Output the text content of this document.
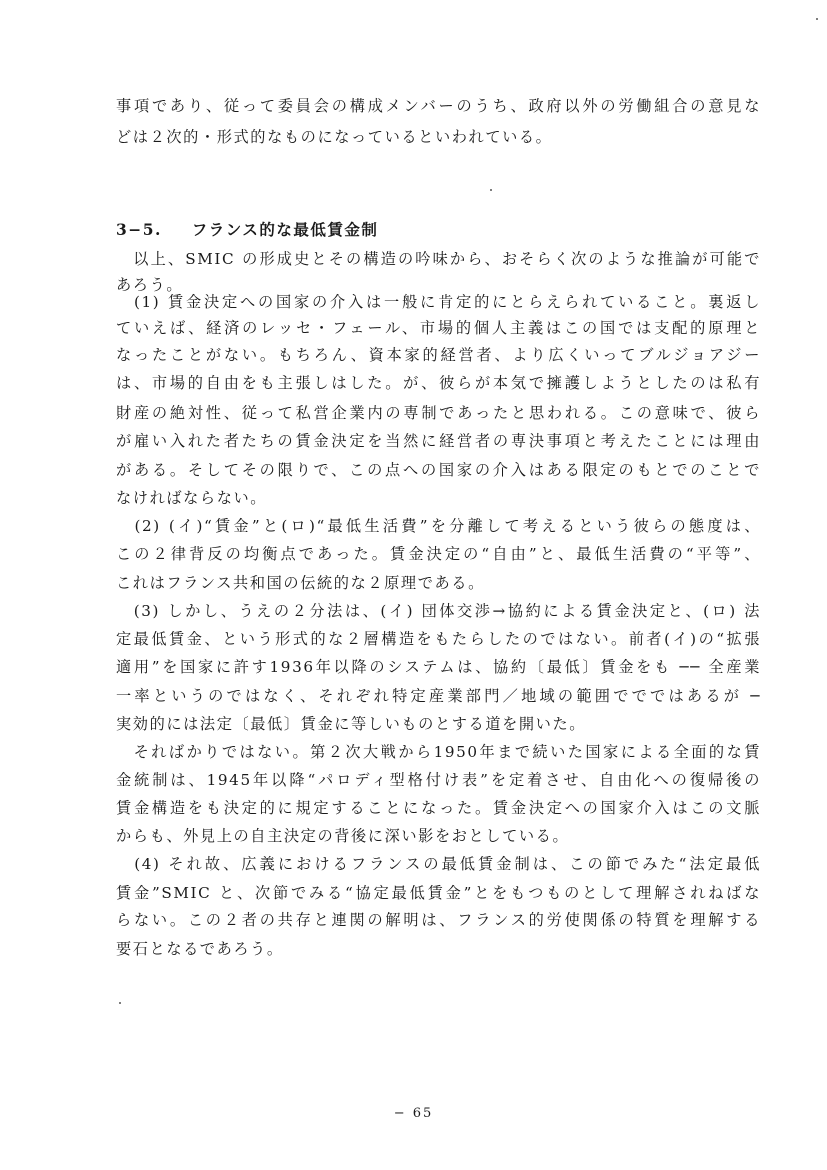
事項であり、従って委員会の構成メンバーのうち、政府以外の労働組合の意見な
どは２次的・形式的なものになっているといわれている。
3−5. フランス的な最低賃金制
　以上、SMIC の形成史とその構造の吟味から、おそらく次のような推論が可能で
あろう。
　(1) 賃金決定への国家の介入は一般に肯定的にとらえられていること。裏返し
ていえば、経済のレッセ・フェール、市場的個人主義はこの国では支配的原理と
なったことがない。もちろん、資本家的経営者、より広くいってブルジョアジー
は、市場的自由をも主張しはした。が、彼らが本気で擁護しようとしたのは私有
財産の絶対性、従って私営企業内の専制であったと思われる。この意味で、彼ら
が雇い入れた者たちの賃金決定を当然に経営者の専決事項と考えたことには理由
がある。そしてその限りで、この点への国家の介入はある限定のもとでのことで
なければならない。
　(2) (イ)“賃金”と(ロ)“最低生活費”を分離して考えるという彼らの態度は、
この２律背反の均衡点であった。賃金決定の“自由”と、最低生活費の“平等”、
これはフランス共和国の伝統的な２原理である。
　(3) しかし、うえの２分法は、(イ) 団体交渉→協約による賃金決定と、(ロ) 法
定最低賃金、という形式的な２層構造をもたらしたのではない。前者(イ)の“拡張
適用”を国家に許す1936年以降のシステムは、協約〔最低〕賃金をも ── 全産業
一率というのではなく、それぞれ特定産業部門／地域の範囲ででではあるが ─
実効的には法定〔最低〕賃金に等しいものとする道を開いた。
　そればかりではない。第２次大戦から1950年まで続いた国家による全面的な賃
金統制は、1945年以降“パロディ型格付け表”を定着させ、自由化への復帰後の
賃金構造をも決定的に規定することになった。賃金決定への国家介入はこの文脈
からも、外見上の自主決定の背後に深い影をおとしている。
　(4) それ故、広義におけるフランスの最低賃金制は、この節でみた“法定最低
賃金”SMIC と、次節でみる“協定最低賃金”とをもつものとして理解されねばな
らない。この２者の共存と連関の解明は、フランス的労使関係の特質を理解する
要石となるであろう。
− 65
